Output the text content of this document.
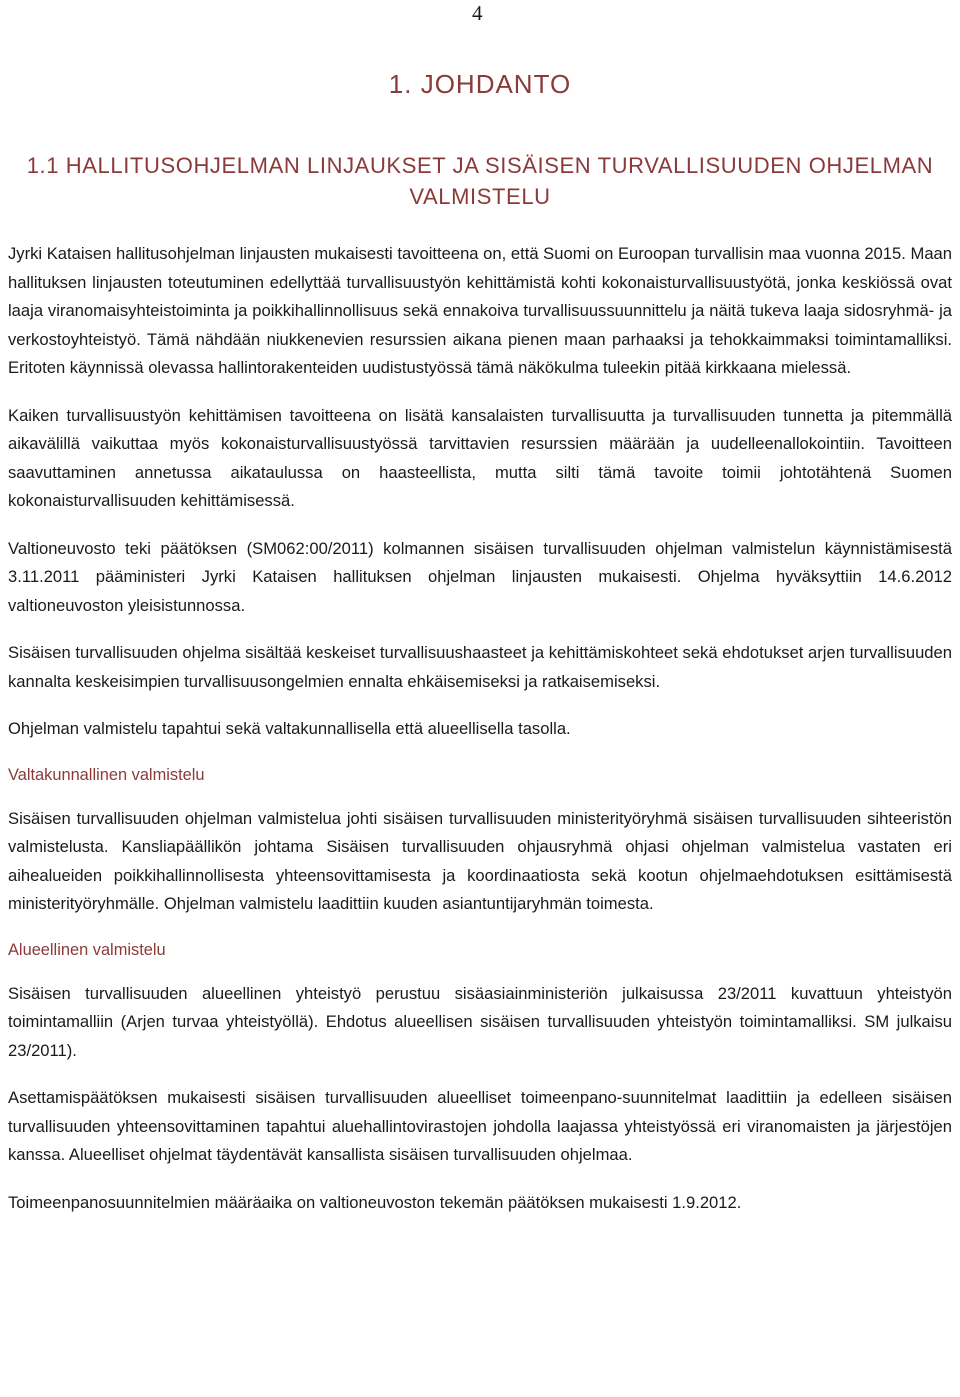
4
1. JOHDANTO
1.1 HALLITUSOHJELMAN LINJAUKSET JA SISÄISEN TURVALLISUUDEN OHJELMAN VALMISTELU

Jyrki Kataisen hallitusohjelman linjausten mukaisesti tavoitteena on, että Suomi on Euroopan turvallisin maa vuonna 2015. Maan hallituksen linjausten toteutuminen edellyttää turvallisuustyön kehittämistä kohti kokonaisturvallisuustyötä, jonka keskiössä ovat laaja viranomaisyhteistoiminta ja poikkihallinnollisuus sekä ennakoiva turvallisuussuunnittelu ja näitä tukeva laaja sidosryhmä- ja verkostoyhteistyö. Tämä nähdään niukkenevien resurssien aikana pienen maan parhaaksi ja tehokkaimmaksi toimintamalliksi. Eritoten käynnissä olevassa hallintorakenteiden uudistustyössä tämä näkökulma tuleekin pitää kirkkaana mielessä.

Kaiken turvallisuustyön kehittämisen tavoitteena on lisätä kansalaisten turvallisuutta ja turvallisuuden tunnetta ja pitemmällä aikavälillä vaikuttaa myös kokonaisturvallisuustyössä tarvittavien resurssien määrään ja uudelleenallokointiin. Tavoitteen saavuttaminen annetussa aikataulussa on haasteellista, mutta silti tämä tavoite toimii johtotähtenä Suomen kokonaisturvallisuuden kehittämisessä.

Valtioneuvosto teki päätöksen (SM062:00/2011) kolmannen sisäisen turvallisuuden ohjelman valmistelun käynnistämisestä 3.11.2011 pääministeri Jyrki Kataisen hallituksen ohjelman linjausten mukaisesti. Ohjelma hyväksyttiin 14.6.2012 valtioneuvoston yleisistunnossa.

Sisäisen turvallisuuden ohjelma sisältää keskeiset turvallisuushaasteet ja kehittämiskohteet sekä ehdotukset arjen turvallisuuden kannalta keskeisimpien turvallisuusongelmien ennalta ehkäisemiseksi ja ratkaisemiseksi.

Ohjelman valmistelu tapahtui sekä valtakunnallisella että alueellisella tasolla.

Valtakunnallinen valmistelu

Sisäisen turvallisuuden ohjelman valmistelua johti sisäisen turvallisuuden ministerityöryhmä sisäisen turvallisuuden sihteeristön valmistelusta. Kansliapäällikön johtama Sisäisen turvallisuuden ohjausryhmä ohjasi ohjelman valmistelua vastaten eri aihealueiden poikkihallinnollisesta yhteensovittamisesta ja koordinaatiosta sekä kootun ohjelmaehdotuksen esittämisestä ministerityöryhmälle. Ohjelman valmistelu laadittiin kuuden asiantuntijaryhmän toimesta.

Alueellinen valmistelu

Sisäisen turvallisuuden alueellinen yhteistyö perustuu sisäasiainministeriön julkaisussa 23/2011 kuvattuun yhteistyön toimintamalliin (Arjen turvaa yhteistyöllä). Ehdotus alueellisen sisäisen turvallisuuden yhteistyön toimintamalliksi. SM julkaisu 23/2011).

Asettamispäätöksen mukaisesti sisäisen turvallisuuden alueelliset toimeenpano-suunnitelmat laadittiin ja edelleen sisäisen turvallisuuden yhteensovittaminen tapahtui aluehallintovirastojen johdolla laajassa yhteistyössä eri viranomaisten ja järjestöjen kanssa. Alueelliset ohjelmat täydentävät kansallista sisäisen turvallisuuden ohjelmaa.

Toimeenpanosuunnitelmien määräaika on valtioneuvoston tekemän päätöksen mukaisesti 1.9.2012.
